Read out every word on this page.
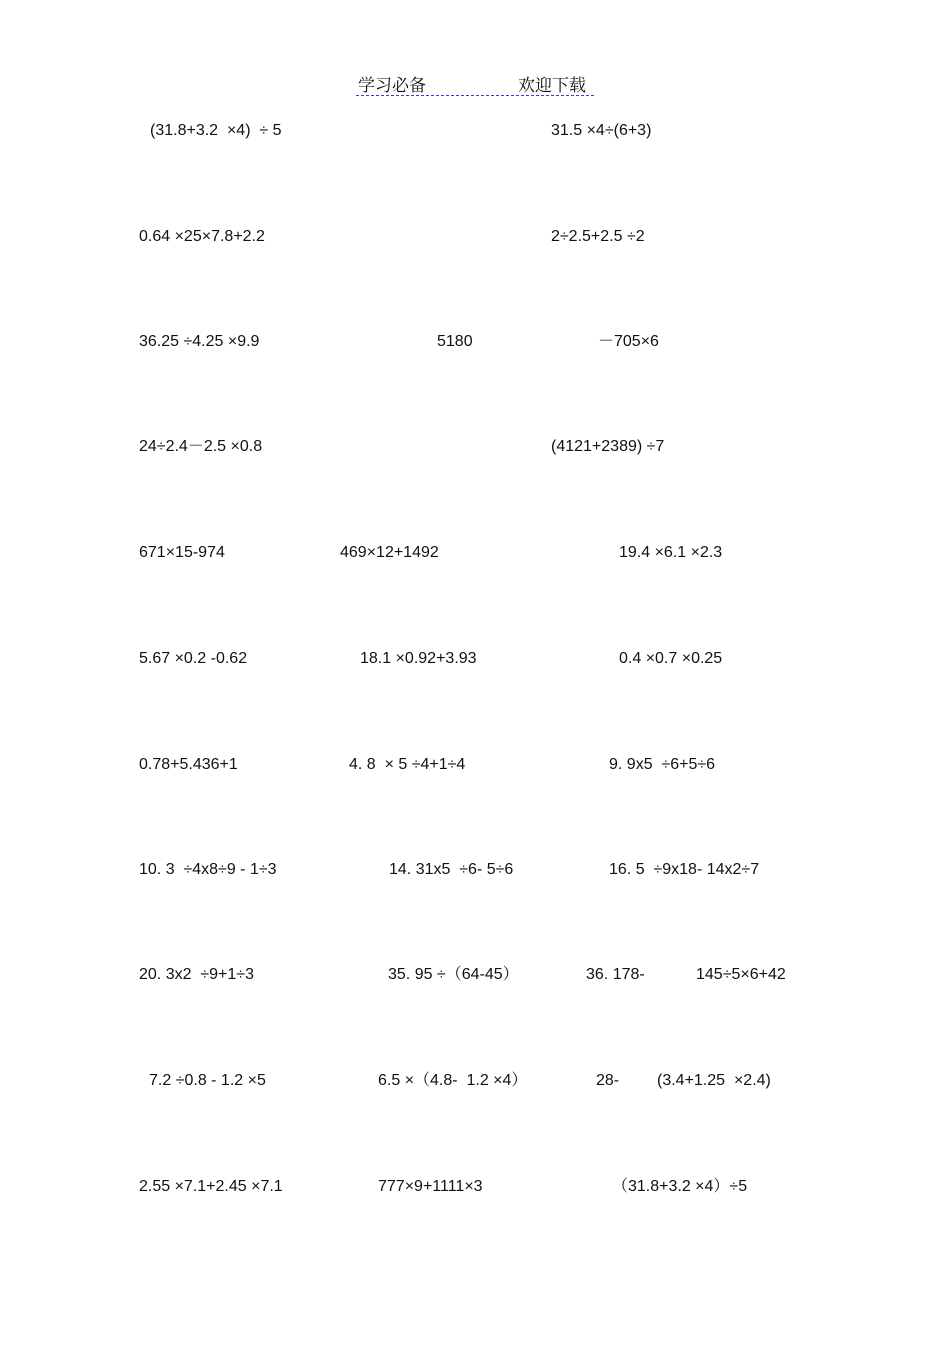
学习必备	欢迎下载
(31.8+3.2  ×4)  ÷ 5	31.5 ×4÷(6+3)
0.64 ×25×7.8+2.2	2÷2.5+2.5 ÷2
36.25 ÷4.25 ×9.9	5180	－705×6
24÷2.4－2.5 ×0.8	(4121+2389) ÷7
671×15-974	469×12+1492	19.4 ×6.1 ×2.3
5.67 ×0.2 -0.62	18.1 ×0.92+3.93	0.4 ×0.7 ×0.25
0.78+5.436+1	4. 8  × 5 ÷4+1÷4	9. 9x5  ÷6+5÷6
10. 3  ÷4x8÷9 - 1÷3	14. 31x5  ÷6- 5÷6	16. 5  ÷9x18- 14x2÷7
20. 3x2  ÷9+1÷3	35. 95 ÷（64-45）	36. 178-	145÷5×6+42
7.2 ÷0.8 - 1.2 ×5	6.5 ×（4.8-  1.2 ×4）	28- (3.4+1.25  ×2.4)
2.55 ×7.1+2.45 ×7.1	777×9+1111×3	（31.8+3.2 ×4）÷5
